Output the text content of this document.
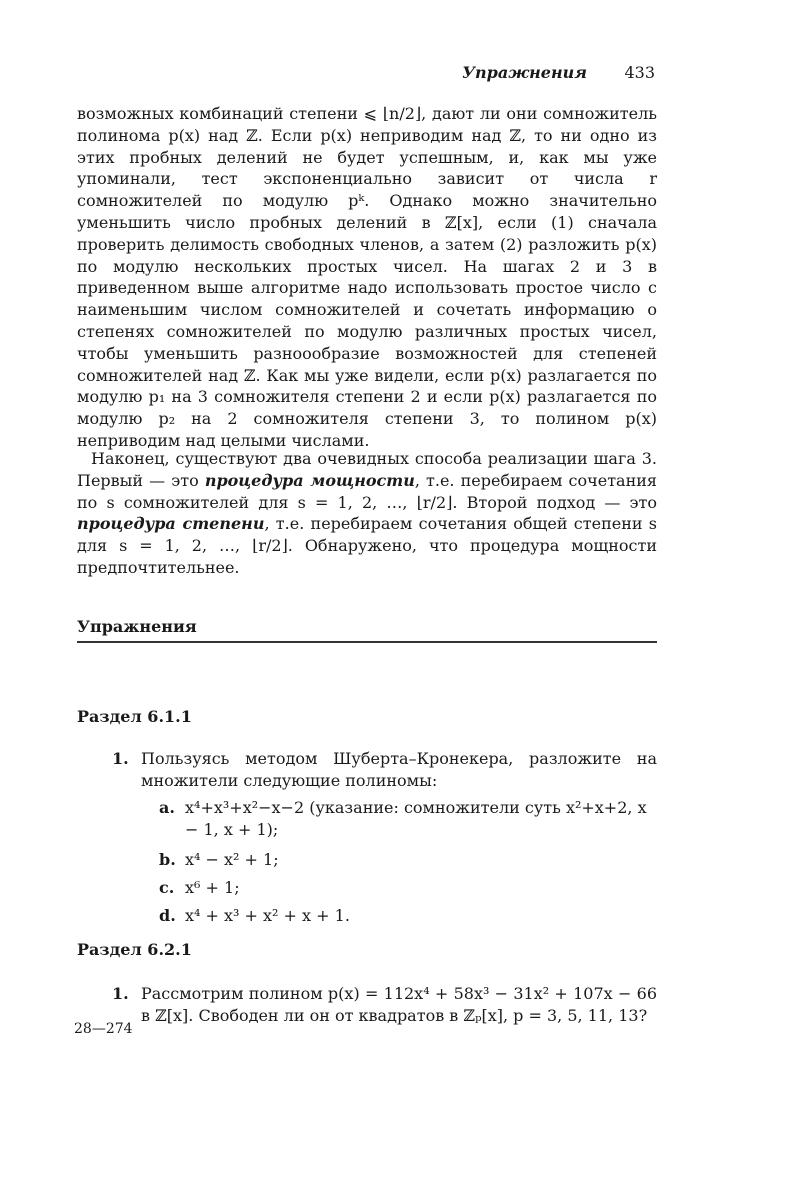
Упражнения 433

возможных комбинаций степени ⩽ ⌊n/2⌋, дают ли они сомножитель полинома p(x) над ℤ. Если p(x) неприводим над ℤ, то ни одно из этих пробных делений не будет успешным, и, как мы уже упоминали, тест экспоненциально зависит от числа r сомножителей по модулю pᵏ. Однако можно значительно уменьшить число пробных делений в ℤ[x], если (1) сначала проверить делимость свободных членов, а затем (2) разложить p(x) по модулю нескольких простых чисел. На шагах 2 и 3 в приведенном выше алгоритме надо использовать простое число с наименьшим числом сомножителей и сочетать информацию о степенях сомножителей по модулю различных простых чисел, чтобы уменьшить разноообразие возможностей для степеней сомножителей над ℤ. Как мы уже видели, если p(x) разлагается по модулю p₁ на 3 сомножителя степени 2 и если p(x) разлагается по модулю p₂ на 2 сомножителя степени 3, то полином p(x) неприводим над целыми числами.

Наконец, существуют два очевидных способа реализации шага 3. Первый — это процедура мощности, т.е. перебираем сочетания по s сомножителей для s = 1, 2, …, ⌊r/2⌋. Второй подход — это процедура степени, т.е. перебираем сочетания общей степени s для s = 1, 2, …, ⌊r/2⌋. Обнаружено, что процедура мощности предпочтительнее.

Упражнения
Раздел 6.1.1
1. Пользуясь методом Шуберта–Кронекера, разложите на множители следующие полиномы:
a. x⁴+x³+x²−x−2 (указание: сомножители суть x²+x+2, x − 1, x + 1);
b. x⁴ − x² + 1;
c. x⁶ + 1;
d. x⁴ + x³ + x² + x + 1.
Раздел 6.2.1
1. Рассмотрим полином p(x) = 112x⁴ + 58x³ − 31x² + 107x − 66 в ℤ[x]. Свободен ли он от квадратов в ℤₚ[x], p = 3, 5, 11, 13?
28—274
